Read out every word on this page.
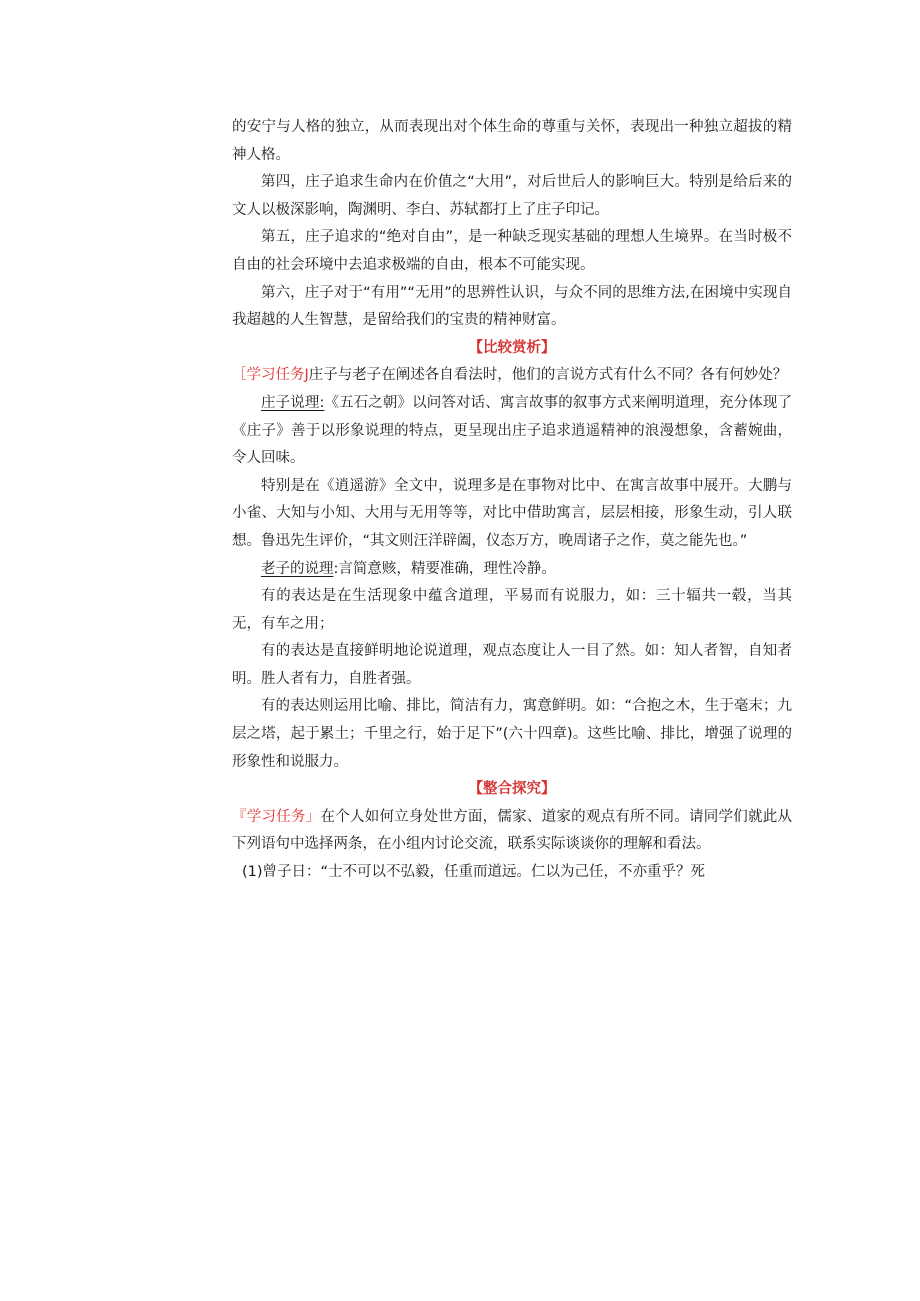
的安宁与人格的独立，从而表现出对个体生命的尊重与关怀，表现出一种独立超拔的精神人格。

第四，庄子追求生命内在价值之“大用”，对后世后人的影响巨大。特别是给后来的文人以极深影响，陶渊明、李白、苏轼都打上了庄子印记。

第五，庄子追求的“绝对自由”，是一种缺乏现实基础的理想人生境界。在当时极不自由的社会环境中去追求极端的自由，根本不可能实现。

第六，庄子对于“有用”“无用”的思辨性认识，与众不同的思维方法,在困境中实现自我超越的人生智慧，是留给我们的宝贵的精神财富。

【比较赏析】

［学习任务J庄子与老子在阐述各自看法时，他们的言说方式有什么不同？各有何妙处？

庄子说理:《五石之朝》以问答对话、寓言故事的叙事方式来阐明道理，充分体现了《庄子》善于以形象说理的特点，更呈现出庄子追求逍遥精神的浪漫想象，含蓄婉曲，令人回味。

特别是在《逍遥游》全文中，说理多是在事物对比中、在寓言故事中展开。大鹏与小雀、大知与小知、大用与无用等等，对比中借助寓言，层层相接，形象生动，引人联想。鲁迅先生评价，“其文则汪洋辟阖，仪态万方，晚周诸子之作，莫之能先也。”

老子的说理:言简意赅，精要准确，理性冷静。

有的表达是在生活现象中蕴含道理，平易而有说服力，如：三十辐共一毂，当其无，有车之用；

有的表达是直接鲜明地论说道理，观点态度让人一目了然。如：知人者智，自知者明。胜人者有力，自胜者强。

有的表达则运用比喻、排比，简洁有力，寓意鲜明。如：“合抱之木，生于毫末；九层之塔，起于累土；千里之行，始于足下”(六十四章)。这些比喻、排比，增强了说理的形象性和说服力。

【整合探究】

『学习任务」在个人如何立身处世方面，儒家、道家的观点有所不同。请同学们就此从下列语句中选择两条，在小组内讨论交流，联系实际谈谈你的理解和看法。

(1)曾子日：“士不可以不弘毅，任重而道远。仁以为己任，不亦重乎？死
